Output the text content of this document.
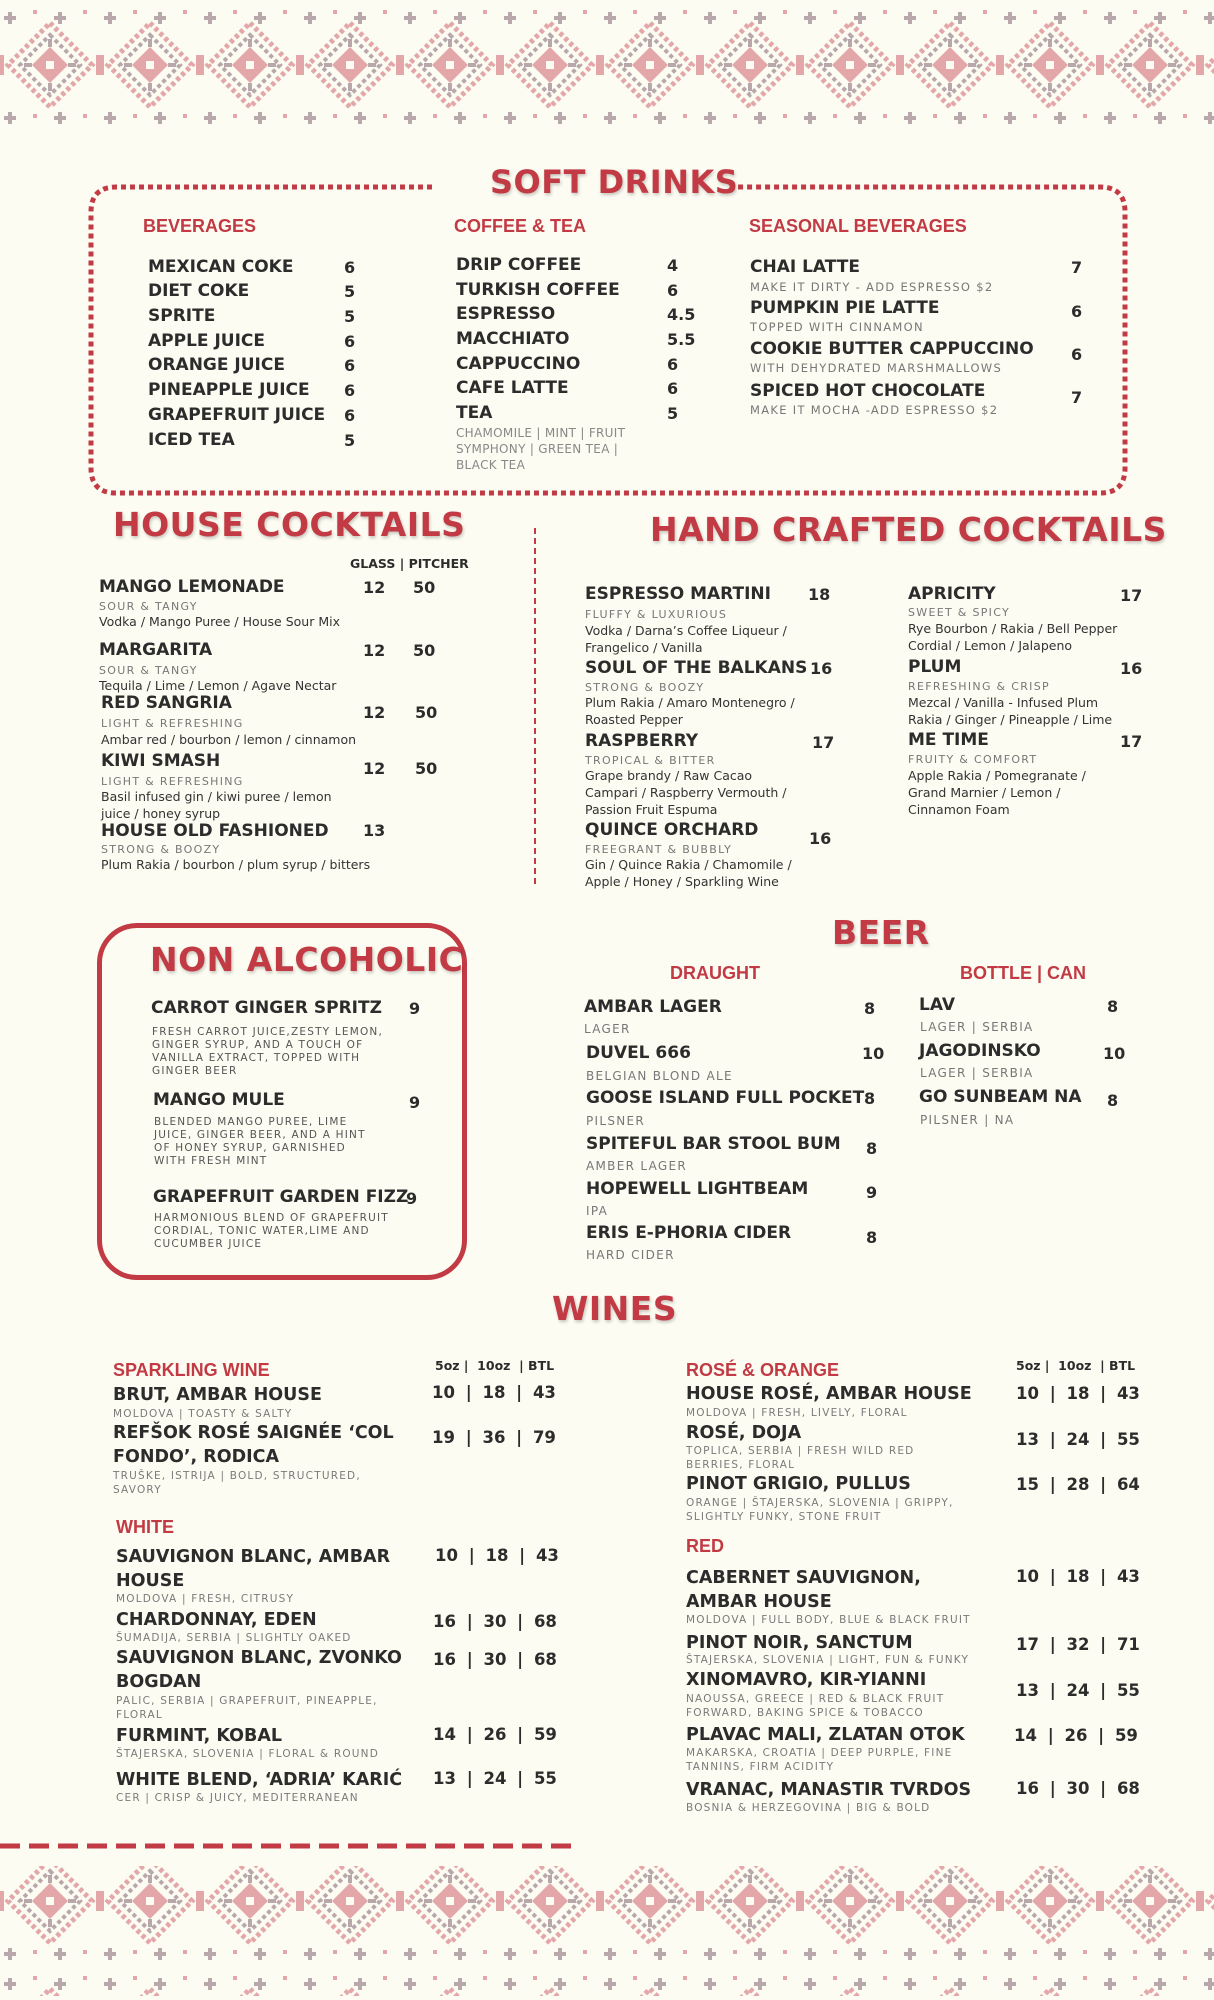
SOFT DRINKS
BEVERAGES
MEXICAN COKE	6
DIET COKE	5
SPRITE	5
APPLE JUICE	6
ORANGE JUICE	6
PINEAPPLE JUICE 6
GRAPEFRUIT JUICE 6
ICED TEA	5
COFFEE & TEA
DRIP COFFEE	4
TURKISH COFFEE	6
ESPRESSO	4.5
MACCHIATO	5.5
CAPPUCCINO	6
CAFE LATTE	6
TEA	5
CHAMOMILE | MINT | FRUIT SYMPHONY | GREEN TEA | BLACK TEA
SEASONAL BEVERAGES
CHAI LATTE	7
MAKE IT DIRTY - ADD ESPRESSO $2
PUMPKIN PIE LATTE	6
TOPPED WITH CINNAMON
COOKIE BUTTER CAPPUCCINO 6
WITH DEHYDRATED MARSHMALLOWS
SPICED HOT CHOCOLATE	7
MAKE IT MOCHA -ADD ESPRESSO $2
HOUSE COCKTAILS
GLASS | PITCHER
MANGO LEMONADE	12 50
SOUR & TANGY
Vodka / Mango Puree / House Sour Mix
MARGARITA	12 50
SOUR & TANGY
Tequila / Lime / Lemon / Agave Nectar
RED SANGRIA	12 50
LIGHT & REFRESHING
Ambar red / bourbon / lemon / cinnamon
KIWI SMASH	12 50
LIGHT & REFRESHING
Basil infused gin / kiwi puree / lemon juice / honey syrup
HOUSE OLD FASHIONED 13
STRONG & BOOZY
Plum Rakia / bourbon / plum syrup / bitters
HAND CRAFTED COCKTAILS
ESPRESSO MARTINI 18
FLUFFY & LUXURIOUS
Vodka / Darna’s Coffee Liqueur / Frangelico / Vanilla
SOUL OF THE BALKANS 16
STRONG & BOOZY
Plum Rakia / Amaro Montenegro / Roasted Pepper
RASPBERRY	17
TROPICAL & BITTER
Grape brandy / Raw Cacao Campari / Raspberry Vermouth / Passion Fruit Espuma
QUINCE ORCHARD	16
FREEGRANT & BUBBLY
Gin / Quince Rakia / Chamomile / Apple / Honey / Sparkling Wine
APRICITY	17
SWEET & SPICY
Rye Bourbon / Rakia / Bell Pepper Cordial / Lemon / Jalapeno
PLUM	16
REFRESHING & CRISP
Mezcal / Vanilla - Infused Plum Rakia / Ginger / Pineapple / Lime
ME TIME	17
FRUITY & COMFORT
Apple Rakia / Pomegranate / Grand Marnier / Lemon / Cinnamon Foam
NON ALCOHOLIC
CARROT GINGER SPRITZ 9
FRESH CARROT JUICE,ZESTY LEMON, GINGER SYRUP, AND A TOUCH OF VANILLA EXTRACT, TOPPED WITH GINGER BEER
MANGO MULE	9
BLENDED MANGO PUREE, LIME JUICE, GINGER BEER, AND A HINT OF HONEY SYRUP, GARNISHED WITH FRESH MINT
GRAPEFRUIT GARDEN FIZZ
9
HARMONIOUS BLEND OF GRAPEFRUIT CORDIAL, TONIC WATER,LIME AND CUCUMBER JUICE
BEER
DRAUGHT
AMBAR LAGER	8
LAGER
DUVEL 666	10
BELGIAN BLOND ALE
GOOSE ISLAND FULL POCKET 8
PILSNER
SPITEFUL BAR STOOL BUM 8
AMBER LAGER
HOPEWELL LIGHTBEAM	9
IPA
ERIS E-PHORIA CIDER	8
HARD CIDER
BOTTLE | CAN
LAV	8
LAGER | SERBIA
JAGODINSKO	10
LAGER | SERBIA
GO SUNBEAM NA 8
PILSNER | NA
WINES
SPARKLING WINE	5oz |  10oz  | BTL
BRUT, AMBAR HOUSE	10 | 18 | 43
MOLDOVA | TOASTY & SALTY
REFŠOK ROSÉ SAIGNÉE ‘COL FONDO’, RODICA
19 | 36 | 79
TRUŠKE, ISTRIJA | BOLD, STRUCTURED, SAVORY
WHITE
SAUVIGNON BLANC, AMBAR HOUSE
10 | 18 | 43
MOLDOVA | FRESH, CITRUSY
CHARDONNAY, EDEN	16 | 30 | 68
ŠUMADIJA, SERBIA | SLIGHTLY OAKED
SAUVIGNON BLANC, ZVONKO BOGDAN
16 | 30 | 68
PALIC, SERBIA | GRAPEFRUIT, PINEAPPLE, FLORAL
FURMINT, KOBAL	14 | 26 | 59
ŠTAJERSKA, SLOVENIA | FLORAL & ROUND
WHITE BLEND, ‘ADRIA’ KARIĆ	13 | 24 | 55
CER | CRISP & JUICY, MEDITERRANEAN
ROSÉ & ORANGE	5oz |  10oz  | BTL
HOUSE ROSÉ, AMBAR HOUSE	10 | 18 | 43
MOLDOVA | FRESH, LIVELY, FLORAL
ROSÉ, DOJA	13 | 24 | 55
TOPLICA, SERBIA | FRESH WILD RED BERRIES, FLORAL
PINOT GRIGIO, PULLUS	15 | 28 | 64
ORANGE | ŠTAJERSKA, SLOVENIA | GRIPPY, SLIGHTLY FUNKY, STONE FRUIT
RED
CABERNET SAUVIGNON, AMBAR HOUSE
10 | 18 | 43
MOLDOVA | FULL BODY, BLUE & BLACK FRUIT
PINOT NOIR, SANCTUM	17 | 32 | 71
ŠTAJERSKA, SLOVENIA | LIGHT, FUN & FUNKY
XINOMAVRO, KIR-YIANNI
13 | 24 | 55
NAOUSSA, GREECE | RED & BLACK FRUIT FORWARD, BAKING SPICE & TOBACCO
PLAVAC MALI, ZLATAN OTOK	14 | 26 | 59
MAKARSKA, CROATIA | DEEP PURPLE, FINE TANNINS, FIRM ACIDITY
VRANAC, MANASTIR TVRDOS	16 | 30 | 68
BOSNIA & HERZEGOVINA | BIG & BOLD
